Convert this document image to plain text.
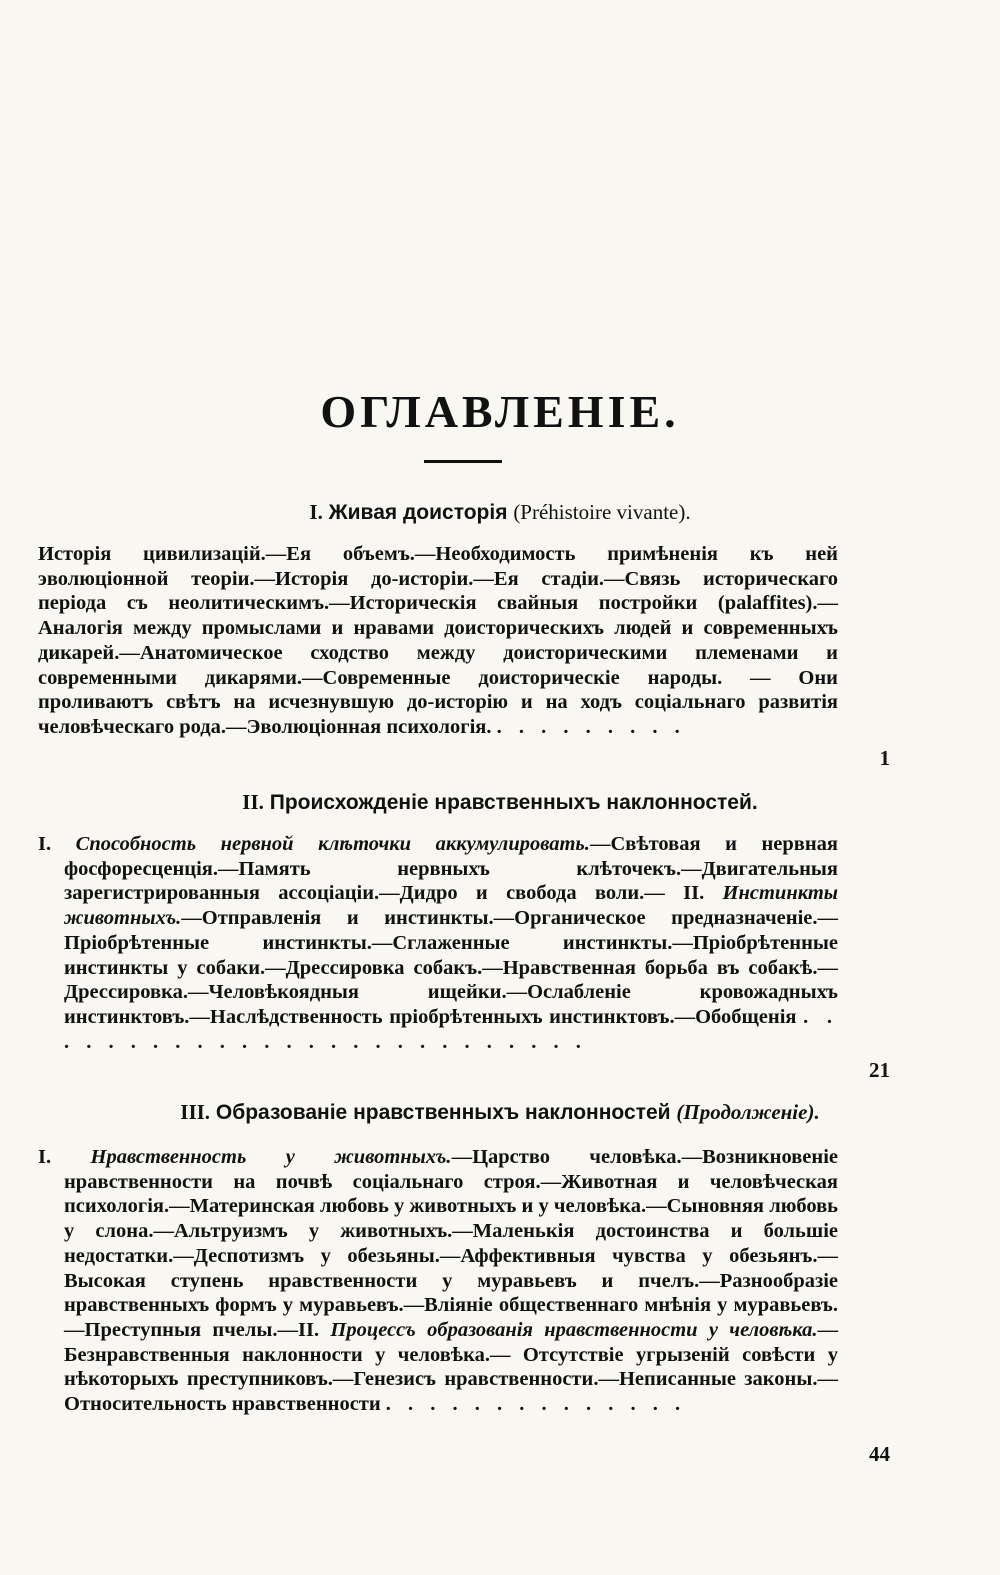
ОГЛАВЛЕНІЕ.
I. Живая доисторія (Préhistoire vivante).

Исторія цивилизацій.—Ея объемъ.—Необходимость примѣненія къ ней эволюціонной теоріи.—Исторія до-исторіи.—Ея стадіи.—Связь историческаго періода съ неолитическимъ.—Историческія свайныя постройки (palaffites).—Аналогія между промыслами и нравами доисторическихъ людей и современныхъ дикарей.—Анатомическое сходство между доисторическими племенами и современными дикарями.—Современные доисторическіе народы. — Они проливаютъ свѣтъ на исчезнувшую до-исторію и на ходъ соціальнаго развитія человѣческаго рода.—Эволюціонная психологія. . . . . . . . . .

1
II. Происхожденіе нравственныхъ наклонностей.

I. Способность нервной клѣточки аккумулировать.—Свѣтовая и нервная фосфоресценція.—Память нервныхъ клѣточекъ.—Двигательныя зарегистрированныя ассоціаціи.—Дидро и свобода воли.— II. Инстинкты животныхъ.—Отправленія и инстинкты.—Органическое предназначеніе.—Пріобрѣтенные инстинкты.—Сглаженные инстинкты.—Пріобрѣтенные инстинкты у собаки.—Дрессировка собакъ.—Нравственная борьба въ собакѣ.—Дрессировка.—Человѣкоядныя ищейки.—Ослабленіе кровожадныхъ инстинктовъ.—Наслѣдственность пріобрѣтенныхъ инстинктовъ.—Обобщенія . . . . . . . . . . . . . . . . . . . . . . . . . .

21
III. Образованіе нравственныхъ наклонностей (Продолженіе).

I. Нравственность у животныхъ.—Царство человѣка.—Возникновеніе нравственности на почвѣ соціальнаго строя.—Животная и человѣческая психологія.—Материнская любовь у животныхъ и у человѣка.—Сыновняя любовь у слона.—Альтруизмъ у животныхъ.—Маленькія достоинства и большіе недостатки.—Деспотизмъ у обезьяны.—Аффективныя чувства у обезьянъ.—Высокая ступень нравственности у муравьевъ и пчелъ.—Разнообразіе нравственныхъ формъ у муравьевъ.—Вліяніе общественнаго мнѣнія у муравьевъ.—Преступныя пчелы.—II. Процессъ образованія нравственности у человѣка.—Безнравственныя наклонности у человѣка.— Отсутствіе угрызеній совѣсти у нѣкоторыхъ преступниковъ.—Генезисъ нравственности.—Неписанные законы.— Относительность нравственности . . . . . . . . . . . . . .

44
